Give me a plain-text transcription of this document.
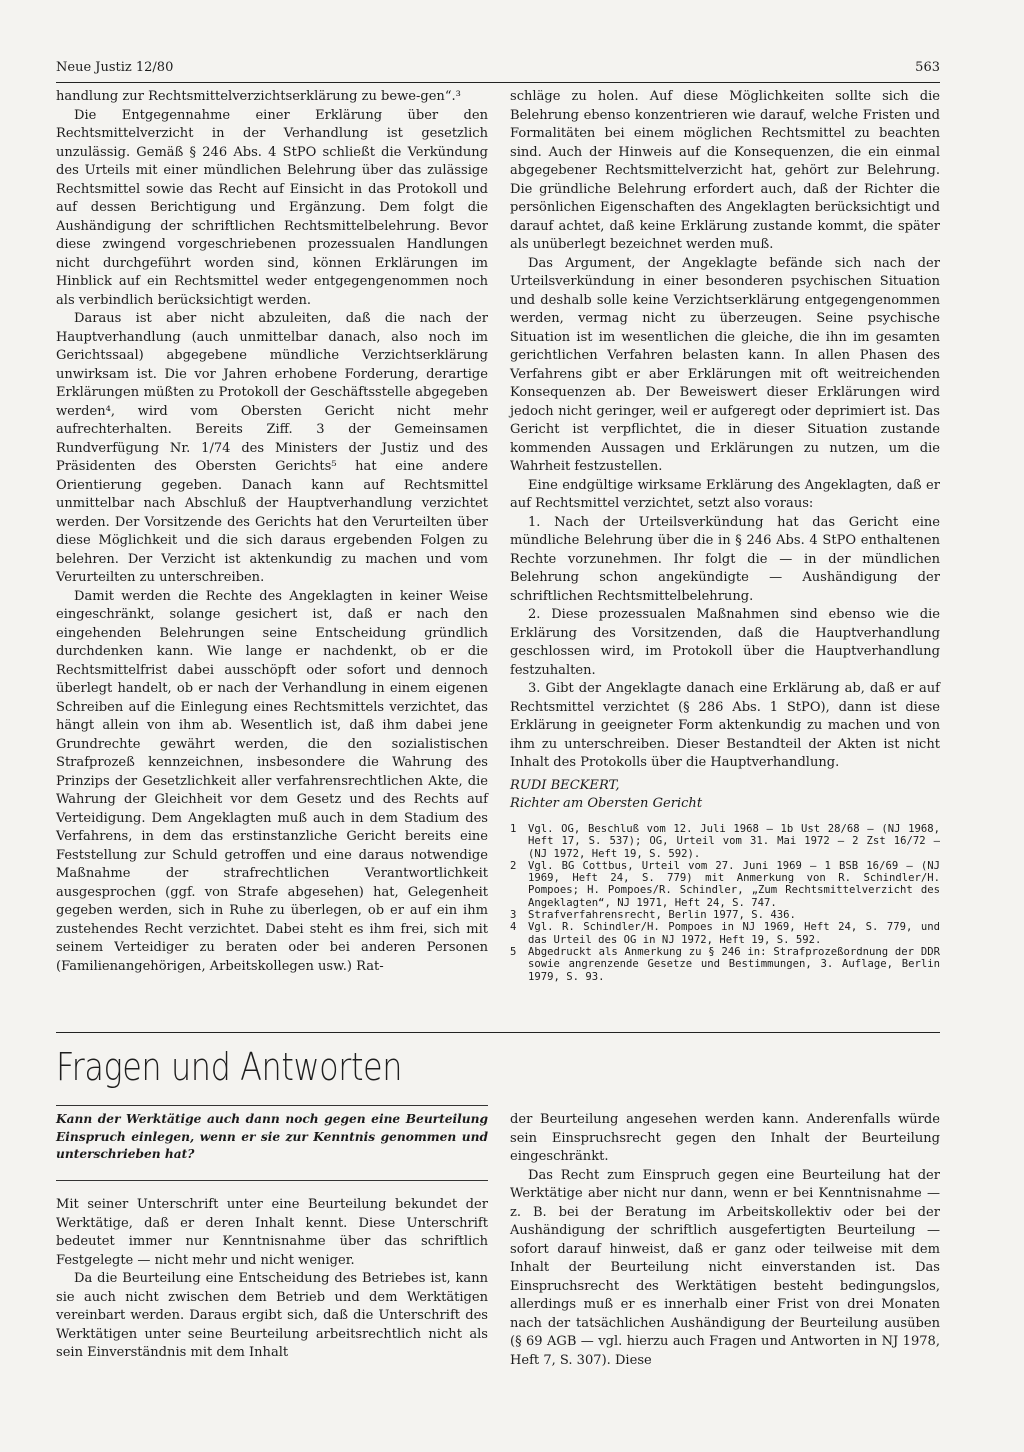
Neue Justiz 12/80	563

handlung zur Rechtsmittelverzichtserklärung zu bewe-gen“.³

Die Entgegennahme einer Erklärung über den Rechtsmittelverzicht in der Verhandlung ist gesetzlich unzulässig. Gemäß § 246 Abs. 4 StPO schließt die Verkündung des Urteils mit einer mündlichen Belehrung über das zulässige Rechtsmittel sowie das Recht auf Einsicht in das Protokoll und auf dessen Berichtigung und Ergänzung. Dem folgt die Aushändigung der schriftlichen Rechtsmittelbelehrung. Bevor diese zwingend vorgeschriebenen prozessualen Handlungen nicht durchgeführt worden sind, können Erklärungen im Hinblick auf ein Rechtsmittel weder entgegengenommen noch als verbindlich berücksichtigt werden.

Daraus ist aber nicht abzuleiten, daß die nach der Hauptverhandlung (auch unmittelbar danach, also noch im Gerichtssaal) abgegebene mündliche Verzichtserklärung unwirksam ist. Die vor Jahren erhobene Forderung, derartige Erklärungen müßten zu Protokoll der Geschäftsstelle abgegeben werden⁴, wird vom Obersten Gericht nicht mehr aufrechterhalten. Bereits Ziff. 3 der Gemeinsamen Rundverfügung Nr. 1/74 des Ministers der Justiz und des Präsidenten des Obersten Gerichts⁵ hat eine andere Orientierung gegeben. Danach kann auf Rechtsmittel unmittelbar nach Abschluß der Hauptverhandlung verzichtet werden. Der Vorsitzende des Gerichts hat den Verurteilten über diese Möglichkeit und die sich daraus ergebenden Folgen zu belehren. Der Verzicht ist aktenkundig zu machen und vom Verurteilten zu unterschreiben.

Damit werden die Rechte des Angeklagten in keiner Weise eingeschränkt, solange gesichert ist, daß er nach den eingehenden Belehrungen seine Entscheidung gründlich durchdenken kann. Wie lange er nachdenkt, ob er die Rechtsmittelfrist dabei ausschöpft oder sofort und dennoch überlegt handelt, ob er nach der Verhandlung in einem eigenen Schreiben auf die Einlegung eines Rechtsmittels verzichtet, das hängt allein von ihm ab. Wesentlich ist, daß ihm dabei jene Grundrechte gewährt werden, die den sozialistischen Strafprozeß kennzeichnen, insbesondere die Wahrung des Prinzips der Gesetzlichkeit aller verfahrensrechtlichen Akte, die Wahrung der Gleichheit vor dem Gesetz und des Rechts auf Verteidigung. Dem Angeklagten muß auch in dem Stadium des Verfahrens, in dem das erstinstanzliche Gericht bereits eine Feststellung zur Schuld getroffen und eine daraus notwendige Maßnahme der strafrechtlichen Verantwortlichkeit ausgesprochen (ggf. von Strafe abgesehen) hat, Gelegenheit gegeben werden, sich in Ruhe zu überlegen, ob er auf ein ihm zustehendes Recht verzichtet. Dabei steht es ihm frei, sich mit seinem Verteidiger zu beraten oder bei anderen Personen (Familienangehörigen, Arbeitskollegen usw.) Rat-

schläge zu holen. Auf diese Möglichkeiten sollte sich die Belehrung ebenso konzentrieren wie darauf, welche Fristen und Formalitäten bei einem möglichen Rechtsmittel zu beachten sind. Auch der Hinweis auf die Konsequenzen, die ein einmal abgegebener Rechtsmittelverzicht hat, gehört zur Belehrung. Die gründliche Belehrung erfordert auch, daß der Richter die persönlichen Eigenschaften des Angeklagten berücksichtigt und darauf achtet, daß keine Erklärung zustande kommt, die später als unüberlegt bezeichnet werden muß.

Das Argument, der Angeklagte befände sich nach der Urteilsverkündung in einer besonderen psychischen Situation und deshalb solle keine Verzichtserklärung entgegengenommen werden, vermag nicht zu überzeugen. Seine psychische Situation ist im wesentlichen die gleiche, die ihn im gesamten gerichtlichen Verfahren belasten kann. In allen Phasen des Verfahrens gibt er aber Erklärungen mit oft weitreichenden Konsequenzen ab. Der Beweiswert dieser Erklärungen wird jedoch nicht geringer, weil er aufgeregt oder deprimiert ist. Das Gericht ist verpflichtet, die in dieser Situation zustande kommenden Aussagen und Erklärungen zu nutzen, um die Wahrheit festzustellen.

Eine endgültige wirksame Erklärung des Angeklagten, daß er auf Rechtsmittel verzichtet, setzt also voraus:

1. Nach der Urteilsverkündung hat das Gericht eine mündliche Belehrung über die in § 246 Abs. 4 StPO enthaltenen Rechte vorzunehmen. Ihr folgt die — in der mündlichen Belehrung schon angekündigte — Aushändigung der schriftlichen Rechtsmittelbelehrung.

2. Diese prozessualen Maßnahmen sind ebenso wie die Erklärung des Vorsitzenden, daß die Hauptverhandlung geschlossen wird, im Protokoll über die Hauptverhandlung festzuhalten.

3. Gibt der Angeklagte danach eine Erklärung ab, daß er auf Rechtsmittel verzichtet (§ 286 Abs. 1 StPO), dann ist diese Erklärung in geeigneter Form aktenkundig zu machen und von ihm zu unterschreiben. Dieser Bestandteil der Akten ist nicht Inhalt des Protokolls über die Hauptverhandlung.

RUDI BECKERT,

Richter am Obersten Gericht

1	Vgl. OG, Beschluß vom 12. Juli 1968 — 1b Ust 28/68 — (NJ 1968, Heft 17, S. 537); OG, Urteil vom 31. Mai 1972 — 2 Zst 16/72 — (NJ 1972, Heft 19, S. 592).
2	Vgl. BG Cottbus, Urteil vom 27. Juni 1969 — 1 BSB 16/69 — (NJ 1969, Heft 24, S. 779) mit Anmerkung von R. Schindler/H. Pompoes; H. Pompoes/R. Schindler, „Zum Rechtsmittelverzicht des Angeklagten“, NJ 1971, Heft 24, S. 747.
3	Strafverfahrensrecht, Berlin 1977, S. 436.
4	Vgl. R. Schindler/H. Pompoes in NJ 1969, Heft 24, S. 779, und das Urteil des OG in NJ 1972, Heft 19, S. 592.
5	Abgedruckt als Anmerkung zu § 246 in: Strafprozeßordnung der DDR sowie angrenzende Gesetze und Bestimmungen, 3. Auflage, Berlin 1979, S. 93.
Fragen und Antworten
Kann der Werktätige auch dann noch gegen eine Beurteilung Einspruch einlegen, wenn er sie zur Kenntnis genommen und unterschrieben hat?

Mit seiner Unterschrift unter eine Beurteilung bekundet der Werktätige, daß er deren Inhalt kennt. Diese Unterschrift bedeutet immer nur Kenntnisnahme über das schriftlich Festgelegte — nicht mehr und nicht weniger.

Da die Beurteilung eine Entscheidung des Betriebes ist, kann sie auch nicht zwischen dem Betrieb und dem Werktätigen vereinbart werden. Daraus ergibt sich, daß die Unterschrift des Werktätigen unter seine Beurteilung arbeitsrechtlich nicht als sein Einverständnis mit dem Inhalt

der Beurteilung angesehen werden kann. Anderenfalls würde sein Einspruchsrecht gegen den Inhalt der Beurteilung eingeschränkt.

Das Recht zum Einspruch gegen eine Beurteilung hat der Werktätige aber nicht nur dann, wenn er bei Kenntnisnahme — z. B. bei der Beratung im Arbeitskollektiv oder bei der Aushändigung der schriftlich ausgefertigten Beurteilung — sofort darauf hinweist, daß er ganz oder teilweise mit dem Inhalt der Beurteilung nicht einverstanden ist. Das Einspruchsrecht des Werktätigen besteht bedingungslos, allerdings muß er es innerhalb einer Frist von drei Monaten nach der tatsächlichen Aushändigung der Beurteilung ausüben (§ 69 AGB — vgl. hierzu auch Fragen und Antworten in NJ 1978, Heft 7, S. 307). Diese
